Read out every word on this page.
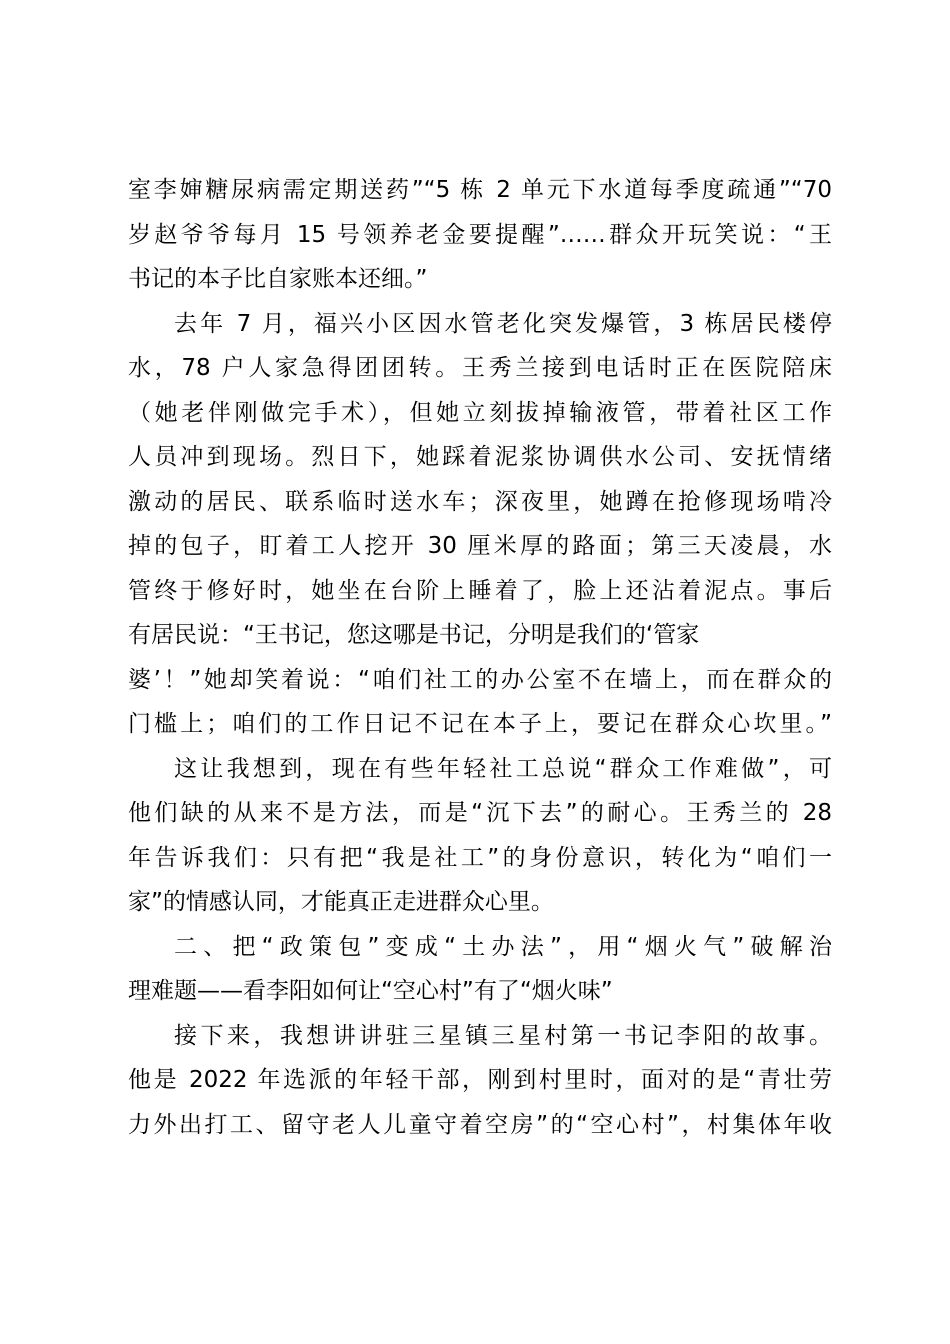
室李婶糖尿病需定期送药”“5 栋 2 单元下水道每季度疏通”“70
岁赵爷爷每月 15 号领养老金要提醒”……群众开玩笑说：“王
书记的本子比自家账本还细。”
去年 7 月，福兴小区因水管老化突发爆管，3 栋居民楼停
水，78 户人家急得团团转。王秀兰接到电话时正在医院陪床
（她老伴刚做完手术），但她立刻拔掉输液管，带着社区工作
人员冲到现场。烈日下，她踩着泥浆协调供水公司、安抚情绪
激动的居民、联系临时送水车；深夜里，她蹲在抢修现场啃冷
掉的包子，盯着工人挖开 30 厘米厚的路面；第三天凌晨，水
管终于修好时，她坐在台阶上睡着了，脸上还沾着泥点。事后
有居民说：“王书记，您这哪是书记，分明是我们的‘管家
婆’！”她却笑着说：“咱们社工的办公室不在墙上，而在群众的
门槛上；咱们的工作日记不记在本子上，要记在群众心坎里。”
这让我想到，现在有些年轻社工总说“群众工作难做”，可
他们缺的从来不是方法，而是“沉下去”的耐心。王秀兰的 28
年告诉我们：只有把“我是社工”的身份意识，转化为“咱们一
家”的情感认同，才能真正走进群众心里。
二、把“政策包”变成“土办法”，用“烟火气”破解治
理难题——看李阳如何让“空心村”有了“烟火味”
接下来，我想讲讲驻三星镇三星村第一书记李阳的故事。
他是 2022 年选派的年轻干部，刚到村里时，面对的是“青壮劳
力外出打工、留守老人儿童守着空房”的“空心村”，村集体年收
